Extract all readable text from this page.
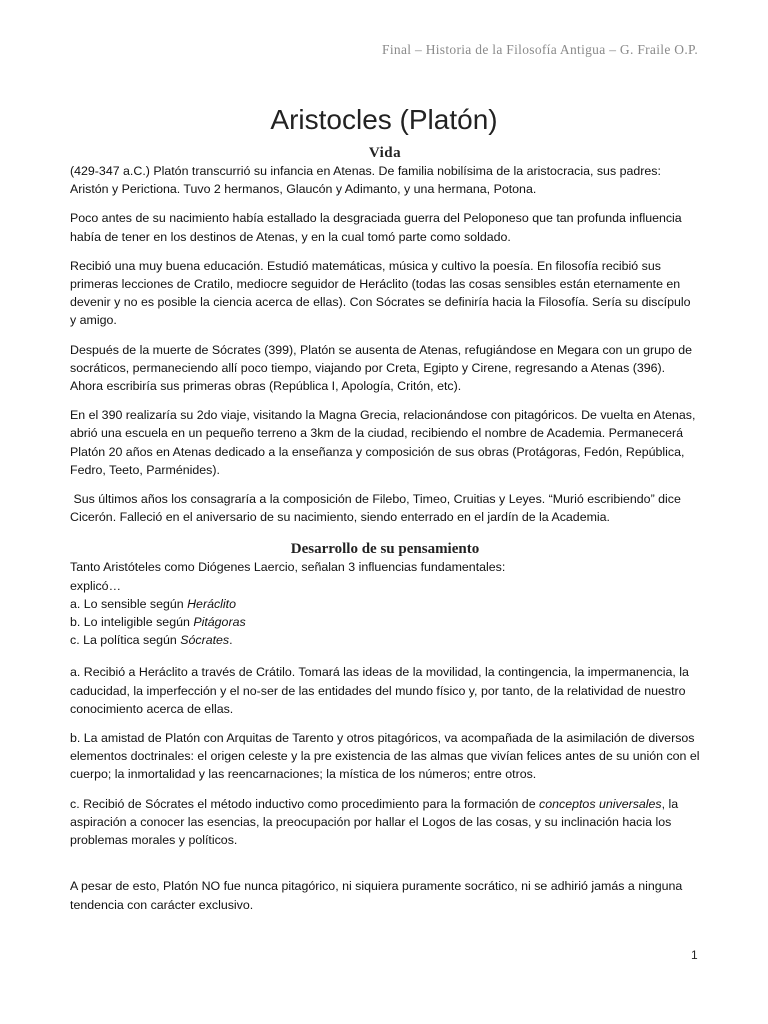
Final – Historia de la Filosofía Antigua – G. Fraile O.P.
Aristocles (Platón)
Vida

(429-347 a.C.) Platón transcurrió su infancia en Atenas. De familia nobilísima de la aristocracia, sus padres: Aristón y Perictiona. Tuvo 2 hermanos, Glaucón y Adimanto, y una hermana, Potona.

Poco antes de su nacimiento había estallado la desgraciada guerra del Peloponeso que tan profunda influencia había de tener en los destinos de Atenas, y en la cual tomó parte como soldado.

Recibió una muy buena educación. Estudió matemáticas, música y cultivo la poesía. En filosofía recibió sus primeras lecciones de Cratilo, mediocre seguidor de Heráclito (todas las cosas sensibles están eternamente en devenir y no es posible la ciencia acerca de ellas). Con Sócrates se definiría hacia la Filosofía. Sería su discípulo y amigo.

Después de la muerte de Sócrates (399), Platón se ausenta de Atenas, refugiándose en Megara con un grupo de socráticos, permaneciendo allí poco tiempo, viajando por Creta, Egipto y Cirene, regresando a Atenas (396). Ahora escribiría sus primeras obras (República I, Apología, Critón, etc).

En el 390 realizaría su 2do viaje, visitando la Magna Grecia, relacionándose con pitagóricos. De vuelta en Atenas, abrió una escuela en un pequeño terreno a 3km de la ciudad, recibiendo el nombre de Academia. Permanecerá Platón 20 años en Atenas dedicado a la enseñanza y composición de sus obras (Protágoras, Fedón, República, Fedro, Teeto, Parménides).

Sus últimos años los consagraría a la composición de Filebo, Timeo, Cruitias y Leyes. “Murió escribiendo” dice Cicerón. Falleció en el aniversario de su nacimiento, siendo enterrado en el jardín de la Academia.

Desarrollo de su pensamiento

Tanto Aristóteles como Diógenes Laercio, señalan 3 influencias fundamentales:

explicó…

a. Lo sensible según Heráclito

b. Lo inteligible según Pitágoras

c. La política según Sócrates.

a. Recibió a Heráclito a través de Crátilo. Tomará las ideas de la movilidad, la contingencia, la impermanencia, la caducidad, la imperfección y el no-ser de las entidades del mundo físico y, por tanto, de la relatividad de nuestro conocimiento acerca de ellas.

b. La amistad de Platón con Arquitas de Tarento y otros pitagóricos, va acompañada de la asimilación de diversos elementos doctrinales: el origen celeste y la pre existencia de las almas que vivían felices antes de su unión con el cuerpo; la inmortalidad y las reencarnaciones; la mística de los números; entre otros.

c. Recibió de Sócrates el método inductivo como procedimiento para la formación de conceptos universales, la aspiración a conocer las esencias, la preocupación por hallar el Logos de las cosas, y su inclinación hacia los problemas morales y políticos.

A pesar de esto, Platón NO fue nunca pitagórico, ni siquiera puramente socrático, ni se adhirió jamás a ninguna tendencia con carácter exclusivo.

1
